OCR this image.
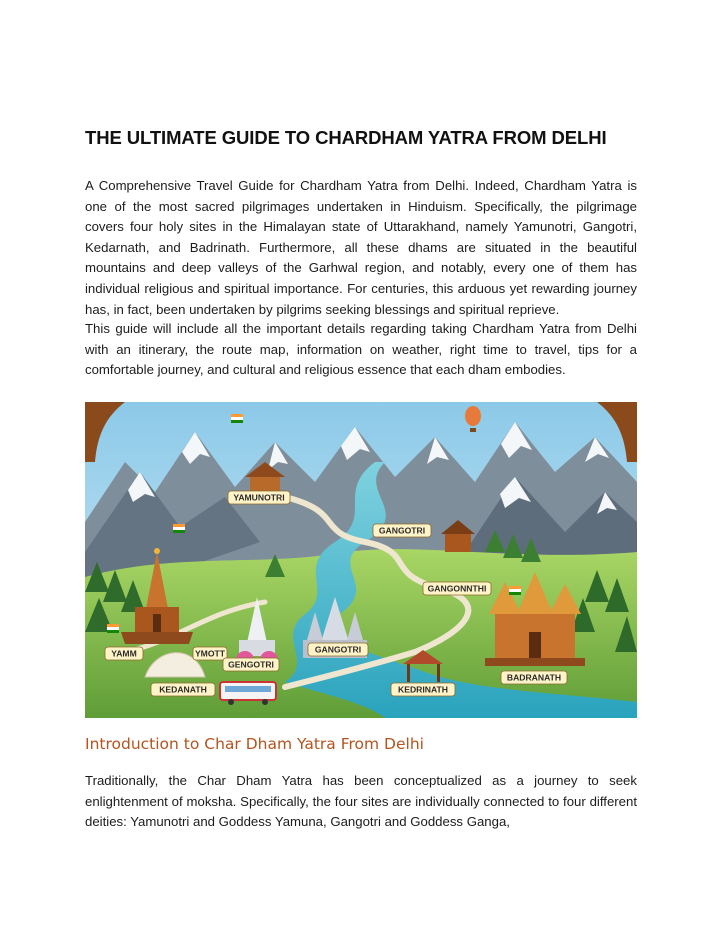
THE ULTIMATE GUIDE TO CHARDHAM YATRA FROM DELHI

A Comprehensive Travel Guide for Chardham Yatra from Delhi. Indeed, Chardham Yatra is one of the most sacred pilgrimages undertaken in Hinduism. Specifically, the pilgrimage covers four holy sites in the Himalayan state of Uttarakhand, namely Yamunotri, Gangotri, Kedarnath, and Badrinath. Furthermore, all these dhams are situated in the beautiful mountains and deep valleys of the Garhwal region, and notably, every one of them has individual religious and spiritual importance. For centuries, this arduous yet rewarding journey has, in fact, been undertaken by pilgrims seeking blessings and spiritual reprieve.

This guide will include all the important details regarding taking Chardham Yatra from Delhi with an itinerary, the route map, information on weather, right time to travel, tips for a comfortable journey, and cultural and religious essence that each dham embodies.

YAMUNOTRI
GANGOTRI
GANGONNTHI
YAMM	YMOTT	GANGOTRI
GENGOTRI
KEDANATH	KEDRINATH
BADRANATH
Introduction to Char Dham Yatra From Delhi

Traditionally, the Char Dham Yatra has been conceptualized as a journey to seek enlightenment of moksha. Specifically, the four sites are individually connected to four different deities: Yamunotri and Goddess Yamuna, Gangotri and Goddess Ganga,
